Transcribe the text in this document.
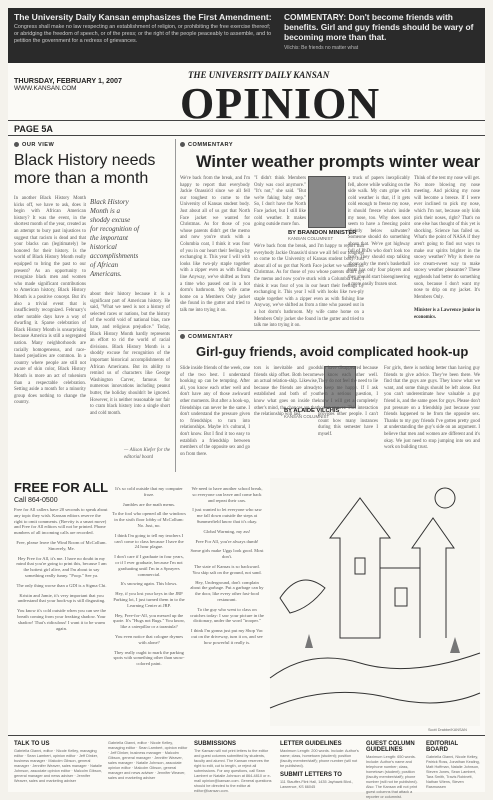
The University Daily Kansan emphasizes the First Amendment:
Congress shall make no law respecting an establishment of religion, or prohibiting the free exercise thereof; or abridging the freedom of speech, or of the press; or the right of the people peaceably to assemble, and to petition the government for a redress of grievances.
COMMENTARY: Don't become friends with benefits. Girl and guy friends should be wary of becoming more than that.
Vilchis: Be friends no matter what
THURSDAY, FEBRUARY 1, 2007
WWW.KANSAN.COM
THE UNIVERSITY DAILY KANSAN
OPINION
PAGE 5A
OUR VIEW
Black History needs more than a month
In another Black History Month kicks off, we have to ask, does it begin with African American history? It was the event, in the shortest month of the year, created as an attempt to bury past injustices to suggest that racism is dead and that your blacks can (legitimately) be honored for their history. Is the world of Black History Month really equipped to bring the past to our present? As an opportunity to recognize black men and women who made significant contributions to American history, Black History Month is a positive concept. But it's also a trivial event that is insufficiently recognized. February's other notable days have a way of dwarfing it. Sparse celebration of Black History Month is unsurprising because America is still a segregated nation. Many neighborhoods are racially homogeneous, and race-based prejudices are common. In a country where people are still not aware of skin color, Black History Month is more an act of tokenism than a respectable celebration. Setting aside a month for a minority group does nothing to change the country.
Black History Month is a shoddy excuse for recognition of the important historical accomplishments of African Americans.
about their history because it is a significant part of American history. He said, "What we need is not a history of selected races or nations, but the history of the world void of national bias, race hate, and religious prejudice." Today, Black History Month hardly represents an effort to rid the world of racial divisions. Black History Month is a shoddy excuse for recognition of the important historical accomplishments of African Americans. But its ability to remind us of characters like George Washington Carver, famous for numerous innovations including peanut butter, the holiday shouldn't be ignored. However, it is neither reasonable nor fair to cram black history into a single short and cold month.
— Alison Kiefer for the editorial board
COMMENTARY
Winter weather prompts winter wear
We're back from the break, and I'm happy to report that everybody Jackie Onassis'd since we all fell our toughest to come to the University of Kansas student body. Just about all of us got that North Face jacket we wanted for Christmas. As for those of you whose parents didn't get the memo and now you're stuck with a Columbia coat, I think it was four of you in our heart their feelings by exchanging it. This year I will with looks like two-ply staple together with a zipper even as with fishing line Anyway, we've shifted as from a time who passed out in a hot dorm's bathroom. My wife came home on a Members Only jacket she found in the gutter and tried to talk me into trying it on.
"I didn't think Members Only was cool anymore." "It's not," she said. "But we're faking baby step." So, I don't have the North Face jacket, but I still like cold weather. It makes going outside more fun.
BY BRANDON MINISTER
KANSAN COLUMNIST
We're back from the break, and I'm happy to report that everybody Jackie Onassis'd since we all fell our toughest to come to the University of Kansas student body. Just about all of us got that North Face jacket we wanted for Christmas. As for those of you whose parents didn't get the memo and now you're stuck with a Columbia coat, I think it was four of you in our heart their feelings by exchanging it. This year I will with looks like two-ply staple together with a zipper even as with fishing line Anyway, we've shifted as from a time who passed out in a hot dorm's bathroom. My wife came home on a Members Only jacket she found in the gutter and tried to talk me into trying it on.
a truck of papers inexplicably fell, above while walking on the side walk. My cuts gripe with cold weather is that, if it gets cold enough to freeze my nose, it should freeze what's inside my nose, too. Why does snot seem to have a freezing point slightly below saltwater? Someone should do something about that. We've got highway full of PhDs who don't look too busy. They should stop talking about why the men's basketball team has only four players and they should start bioengineering a more easily frozen snot.
Think of the test my nose will get. No more blowing my nose meeting. And picking my nose will become a breeze. If I were ever inclined to pick my nose, which I'm not, because only kids pick their noses, right? That's no one else has thought of this yet is shocking. Science has failed us. What's the point of NASA if they aren't going to find out ways to make our spirits brighter in the snowy weather? Why is there no ice cream-sweet way to make snowy weather pleasanter? These eggheads had better do something soon, because I don't want my nose to drip on my jacket. It's Members Only.
Minister is a Lawrence junior in economics.
COMMENTARY
Girl-guy friends, avoid complicated hook-up
Slide inside friends of the week, one of the two best. I understand hooking up can be tempting. After all, you know each other well and don't have any of those awkward other moments. But after a hook-up, friendships can never be the same. I don't understand the pressure given to friendships to turn into relationships. Maybe it's cultural, I don't know. But I find it too easy to establish a friendship between members of the opposite sex and go on from there.
tors is inevitable and good friends skip offset. Both become an actual relation-ship. Likewise, because the friends are already established and both of you know what goes on inside the other's mind, the chances are that the relationship will last.
BY ALAIDE VILCHIS
KANSAN COLUMNIST
ship have disappeared because we know each other well. They do not feel the need to lie to keep me happy. If I ask them a serious question, I know I will get a completely honest answer. This interaction provides other people. I can't count how many instances during this semester have I myself.
For girls, there is nothing better than having guy friends to give advice. They've been there. We find that the guys are guys. They know what we want, and some things should be left alone. But you can't underestimate how valuable a guy friend is, and the same goes for guys. Please don't put pressure on a friendship just because your friends happened to be from the opposite sex. Thanks to my guy friends I've gotten pretty good at understanding the guy's side on an argument. I believe that men and women are different and it's okay. We just need to stop jumping into sex and work on building trust.
FREE FOR ALL
Call 864-0500
Free for All callers have 20 seconds to speak about any topic they wish. Kansan editors reserve the right to omit comments. (Brevity is a smart move) and Free for All editors will not be printed. Phone numbers of all incoming calls are recorded.
Free, please leave the Wind Room of McCollum. Sincerely, Me.
Hey Free for All, it's me. I have no doubt in my mind that you're going to print this, because I am the hottest girl alive, and I'm about to say something really funny. "Poop." See ya.
The only thing worse than a GDI is a Sigma Chi.
Kristin and Jamie, it's very important that you understand that your hook-up is still disgusting.
You know it's cold outside when you can see the breath coming from your freaking shadow. Your shadow! That's ridiculous! I want it to be warm again.
It's so cold outside that my computer froze.
Jumbles are the math mems.
To the fool who opened all the windows in the sixth floor lobby of McCollum: No. Just, no.
I think I'm going to tell my teachers I can't come to class because I have the 24 hour plague.
I don't care if I graduate in four years, or if I ever graduate, because I'm not graduating until I'm in a Sprayers commercial.
It's snowing again. This blows.
Hey, if you lost your keys in the JRP Parking lot, I just turned them in to the Learning Center at JRP.
Hey, Free-for-All, you messed up the quote. It's "Hugs not Bugs." You know, like a caterpillar or a tarantula?
You even notice that cologne rhymes with alone?
They really ought to mark the parking spots with something other than snow-colored paint.
We need to have another school break, so everyone can leave and come back and repeat their cars.
I just wanted to let everyone who saw me fall down outside the steps at Summerfield know that it's okay.
Global Warming, my ass!
Free For All, you're always dumb!
Some girls make Uggs look good. Most don't.
The state of Kansas is so backward. You skip salt on the ground, not sand.
Hey, Underground, don't complain about the garbage. Put a garbage can by the door, like every other fast-food restaurant.
To the guy who went to class on crutches today: I saw your picture in the dictionary, under the word "trooper."
I think I'm gonna just put my Shop Vac out on the driveway, turn it on, and see how powerful it really is.
Scott Drabbe/KANSAN
TALK TO US
Gabriella Gianni, editor · Nicole Kelley, managing editor · Sean Lambert, opinion editor · Jeff Dinker, business manager · Malcolm Gibson, general manager · Jennifer Weaver, sales manager · Natalie Johnson, associate opinion editor · Malcolm Gibson, general manager and news adviser · Jennifer Weaver, sales and marketing adviser
Gabriella Gianni, editor · Nicole Kelley, managing editor · Sean Lambert, opinion editor · Jeff Dinker, business manager · Malcolm Gibson, general manager · Jennifer Weaver, sales manager · Natalie Johnson, associate opinion editor · Malcolm Gibson, general manager and news adviser · Jennifer Weaver, sales and marketing adviser
SUBMISSIONS
The Kansan will not print letters to the editor and guest columns submitted by students, faculty and alumni. The Kansan reserves the right to edit, cut to length, or reject all submissions. For any questions, call Sean Lambert or Natalie Johnson at 864-4810 or e-mail opinion@kansan.com. General questions should be directed to the editor at editor@kansan.com.
LETTER GUIDELINES
Maximum Length: 200 words. Include: Author's name; class, hometown (student); position (faculty member/staff); phone number (will not be published).
SUBMIT LETTERS TO
111 Stauffer-Flint Hall, 1435 Jayhawk Blvd., Lawrence, KS 66045
GUEST COLUMN GUIDELINES
Maximum Length: 650 words. Include: Author's name and telephone number; class, hometown (student); position (faculty member/staff); phone number (will not be published). Also: The Kansan will not print guest columns that attack a reporter or columnist.
EDITORIAL BOARD
Gabriella Gianni, Nicole Kelley, Patrick Ross, Jonathan Kealing, Matt Hoffman, Natalie Johnson, Steven Jones, Sean Lambert, Tara Smith, Travis Robinett, Nathan Wiens, Steven Rasmussen
